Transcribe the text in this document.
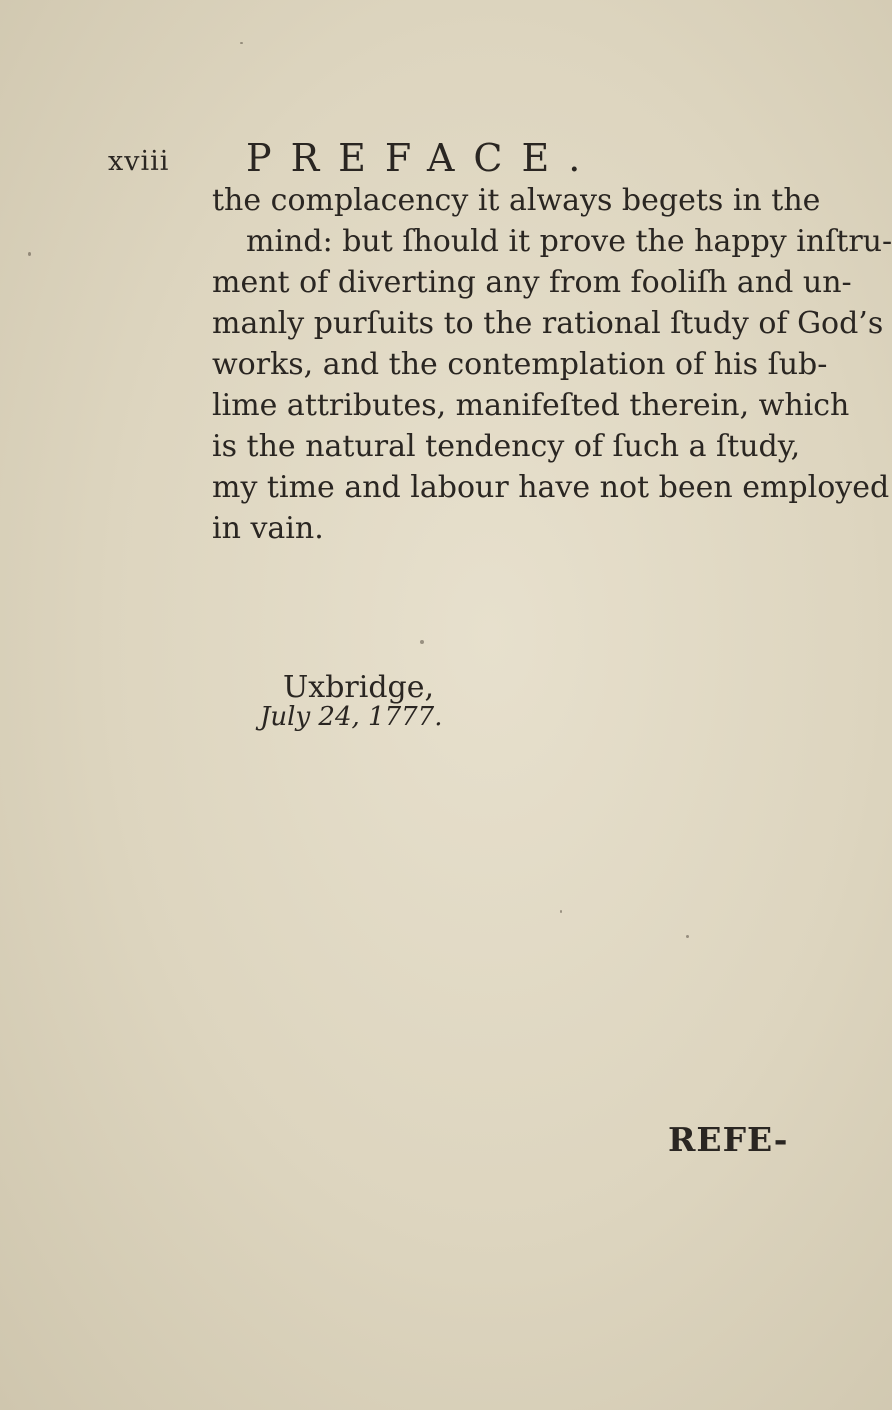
xviii PREFACE.
the complacency it always begets in the
mind: but ſhould it prove the happy inſtru-
ment of diverting any from fooliſh and un-
manly purſuits to the rational ſtudy of God’s
works, and the contemplation of his ſub-
lime attributes, manifeſted therein, which
is the natural tendency of ſuch a ſtudy,
my time and labour have not been employed
in vain.
Uxbridge,
July 24, 1777.
REFE-
